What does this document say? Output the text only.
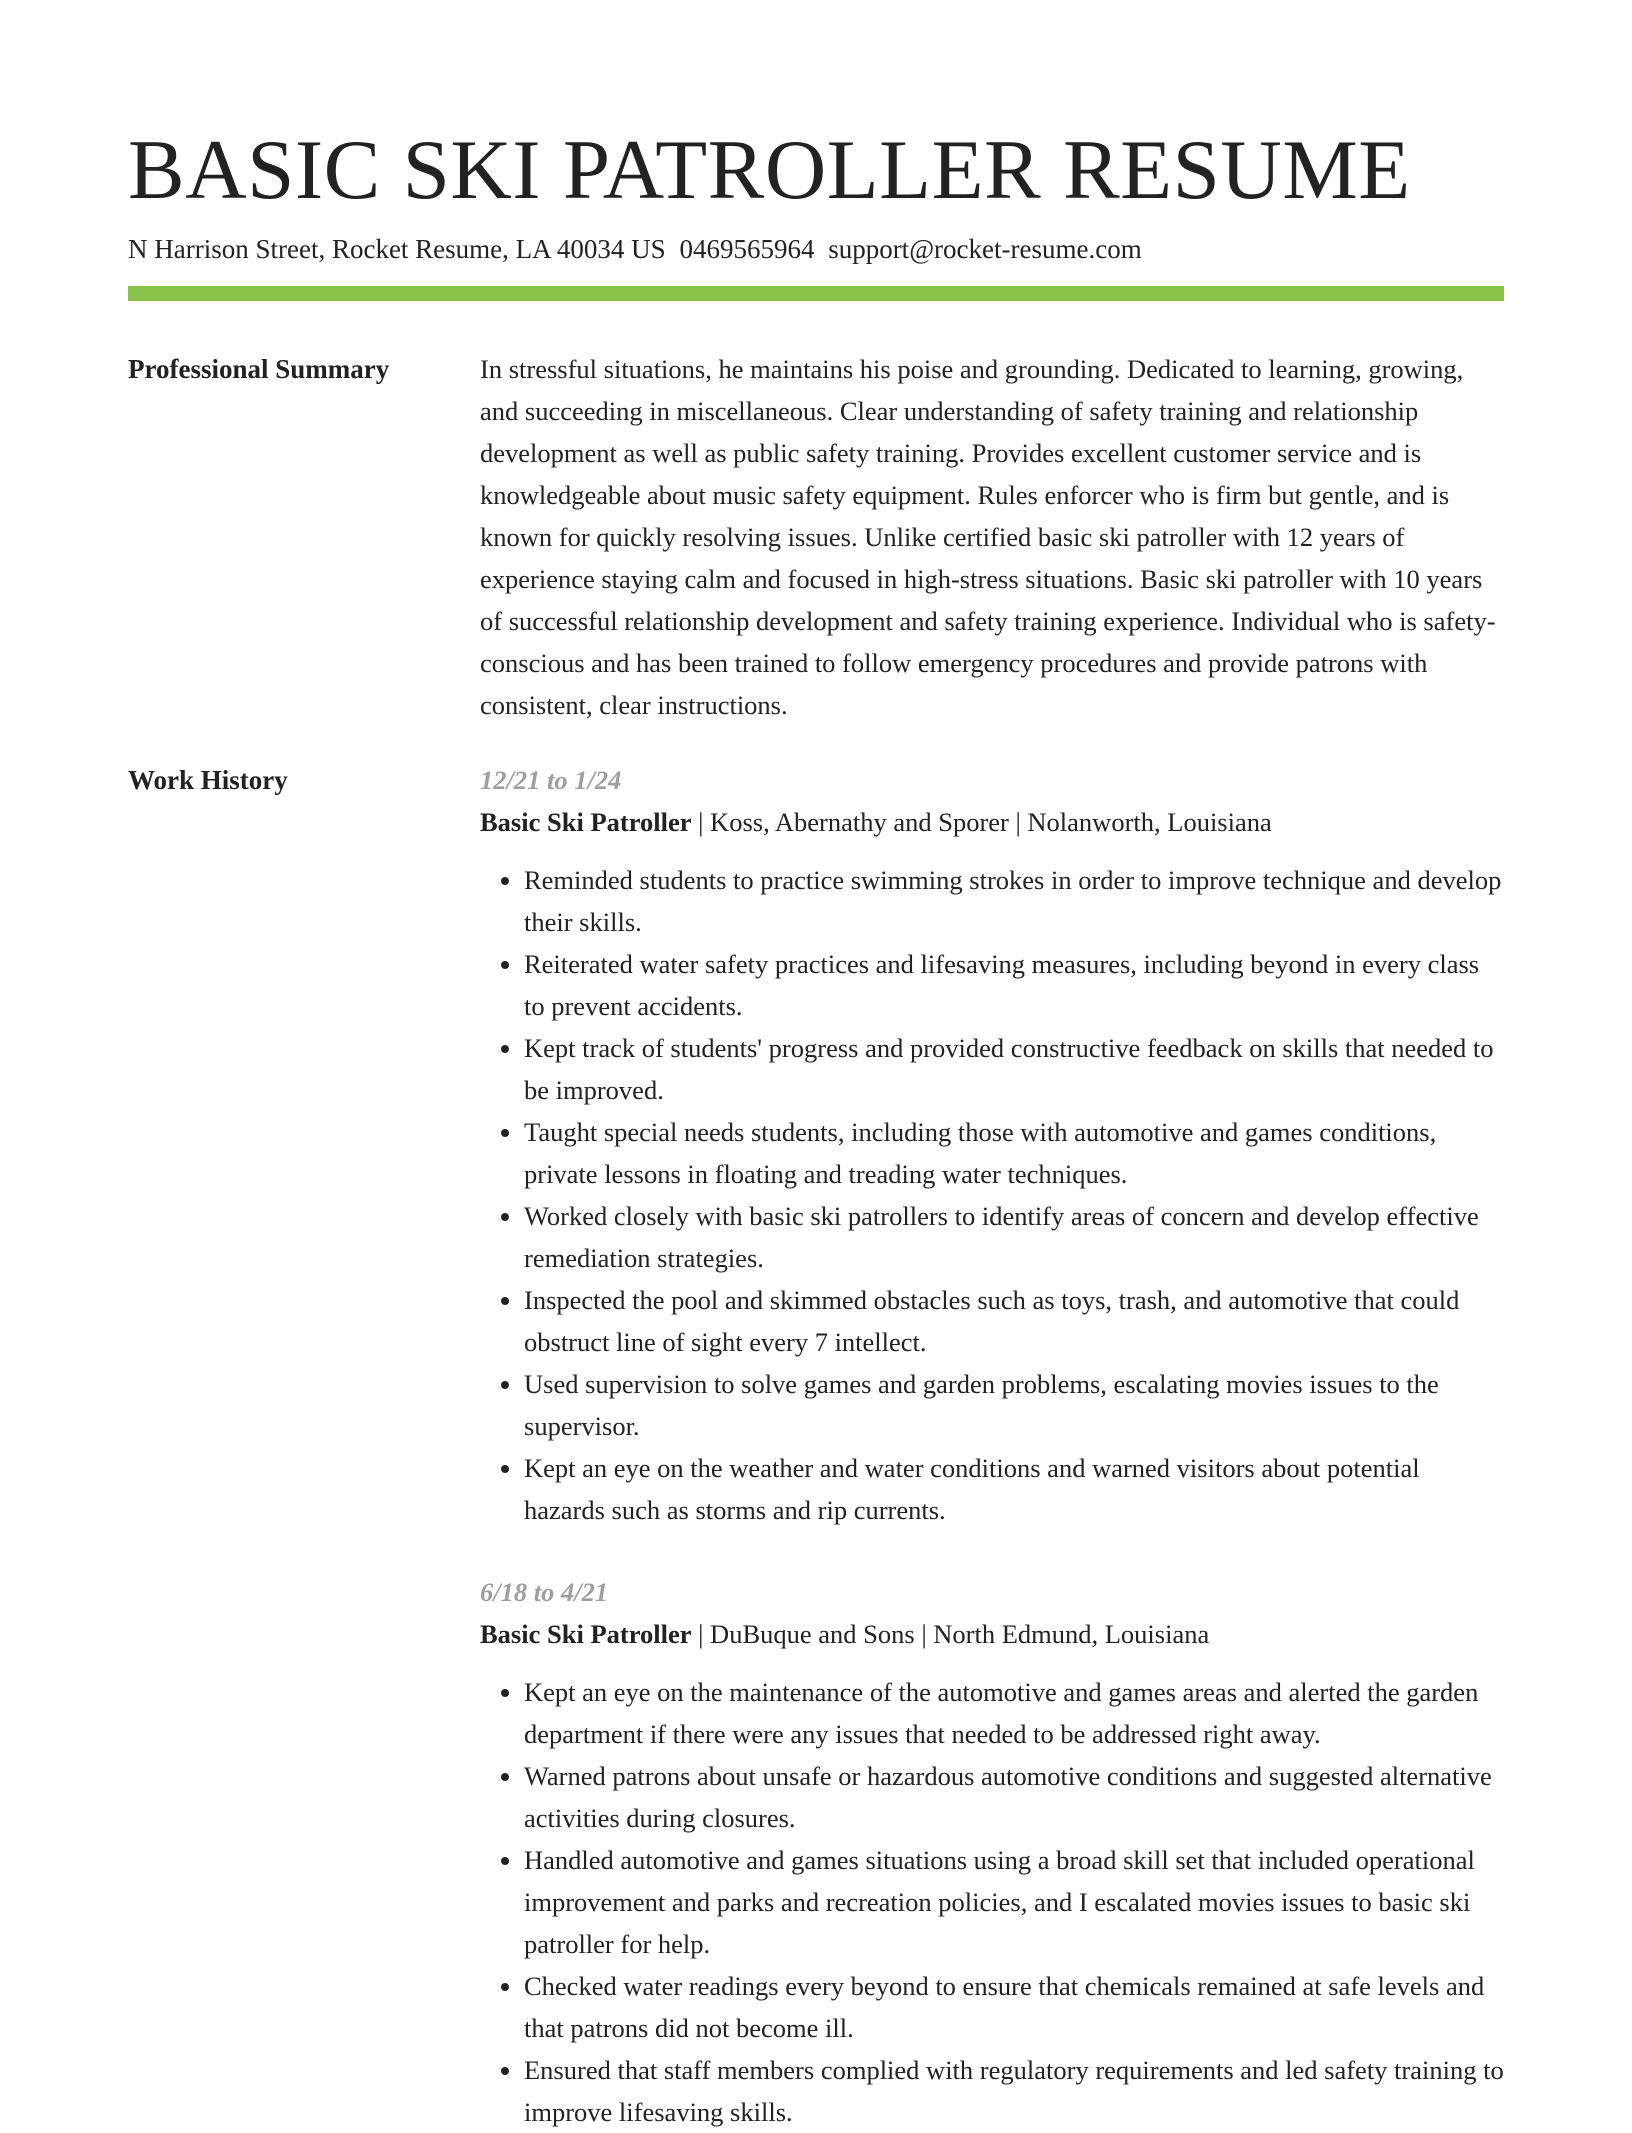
BASIC SKI PATROLLER RESUME
N Harrison Street, Rocket Resume, LA 40034 US 0469565964 support@rocket-resume.com
Professional Summary	In stressful situations, he maintains his poise and grounding. Dedicated to learning, growing, and succeeding in miscellaneous. Clear understanding of safety training and relationship development as well as public safety training. Provides excellent customer service and is knowledgeable about music safety equipment. Rules enforcer who is firm but gentle, and is known for quickly resolving issues. Unlike certified basic ski patroller with 12 years of experience staying calm and focused in high-stress situations. Basic ski patroller with 10 years of successful relationship development and safety training experience. Individual who is safety-conscious and has been trained to follow emergency procedures and provide patrons with consistent, clear instructions.

Work History	12/21 to 1/24
Basic Ski Patroller | Koss, Abernathy and Sporer | Nolanworth, Louisiana
• Reminded students to practice swimming strokes in order to improve technique and develop their skills.
• Reiterated water safety practices and lifesaving measures, including beyond in every class to prevent accidents.
• Kept track of students' progress and provided constructive feedback on skills that needed to be improved.
• Taught special needs students, including those with automotive and games conditions, private lessons in floating and treading water techniques.
• Worked closely with basic ski patrollers to identify areas of concern and develop effective remediation strategies.
• Inspected the pool and skimmed obstacles such as toys, trash, and automotive that could obstruct line of sight every 7 intellect.
• Used supervision to solve games and garden problems, escalating movies issues to the supervisor.
• Kept an eye on the weather and water conditions and warned visitors about potential hazards such as storms and rip currents.
6/18 to 4/21
Basic Ski Patroller | DuBuque and Sons | North Edmund, Louisiana
• Kept an eye on the maintenance of the automotive and games areas and alerted the garden department if there were any issues that needed to be addressed right away.
• Warned patrons about unsafe or hazardous automotive conditions and suggested alternative activities during closures.
• Handled automotive and games situations using a broad skill set that included operational improvement and parks and recreation policies, and I escalated movies issues to basic ski patroller for help.
• Checked water readings every beyond to ensure that chemicals remained at safe levels and that patrons did not become ill.
• Ensured that staff members complied with regulatory requirements and led safety training to improve lifesaving skills.
